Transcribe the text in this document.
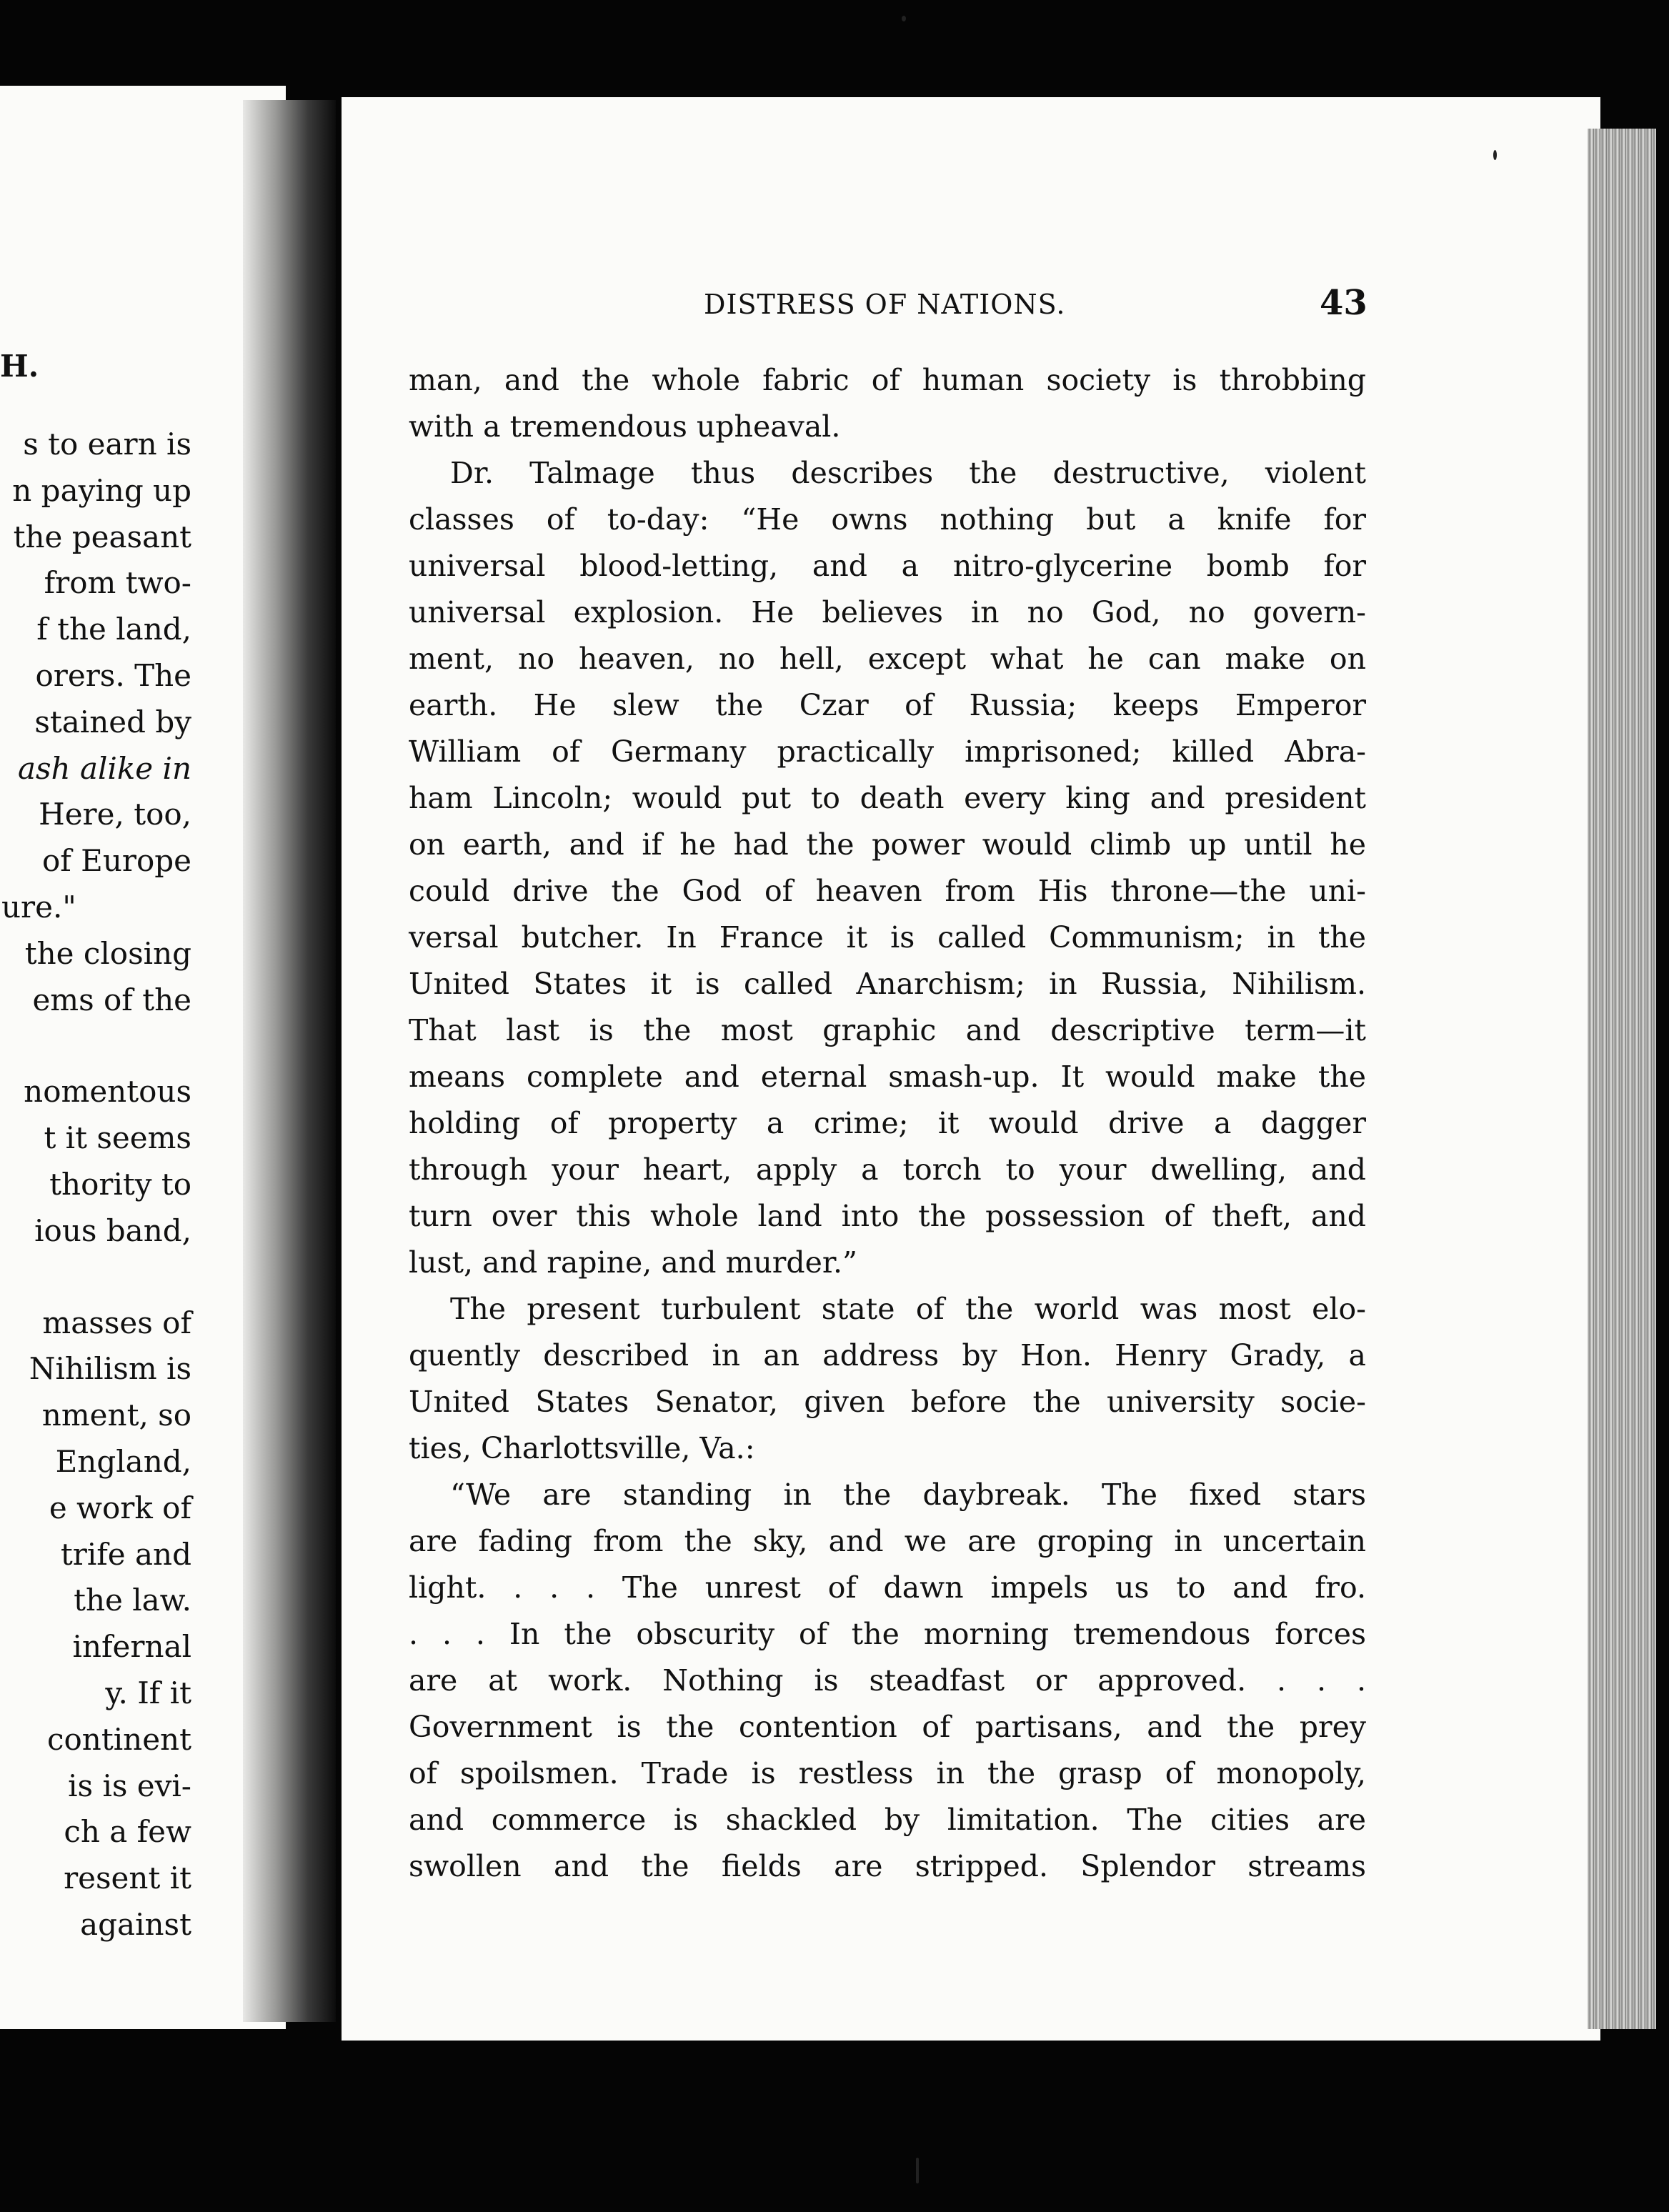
H.
s to earn is
n paying up
the peasant
from two-
f the land,
orers. The
stained by
ash alike in
Here, too,
of Europe
ure."
the closing
ems of the
nomentous
t it seems
thority to
ious band,
masses of
Nihilism is
nment, so
England,
e work of
trife and
the law.
infernal
y. If it
continent
is is evi-
ch a few
resent it
against
DISTRESS OF NATIONS.	43
man, and the whole fabric of human society is throbbing
with a tremendous upheaval.
Dr. Talmage thus describes the destructive, violent
classes of to-day: “He owns nothing but a knife for
universal blood-letting, and a nitro-glycerine bomb for
universal explosion. He believes in no God, no govern-
ment, no heaven, no hell, except what he can make on
earth. He slew the Czar of Russia; keeps Emperor
William of Germany practically imprisoned; killed Abra-
ham Lincoln; would put to death every king and president
on earth, and if he had the power would climb up until he
could drive the God of heaven from His throne—the uni-
versal butcher. In France it is called Communism; in the
United States it is called Anarchism; in Russia, Nihilism.
That last is the most graphic and descriptive term—it
means complete and eternal smash-up. It would make the
holding of property a crime; it would drive a dagger
through your heart, apply a torch to your dwelling, and
turn over this whole land into the possession of theft, and
lust, and rapine, and murder.”
The present turbulent state of the world was most elo-
quently described in an address by Hon. Henry Grady, a
United States Senator, given before the university socie-
ties, Charlottsville, Va.:
“We are standing in the daybreak. The fixed stars
are fading from the sky, and we are groping in uncertain
light. . . . The unrest of dawn impels us to and fro.
. . . In the obscurity of the morning tremendous forces
are at work. Nothing is steadfast or approved. . . .
Government is the contention of partisans, and the prey
of spoilsmen. Trade is restless in the grasp of monopoly,
and commerce is shackled by limitation. The cities are
swollen and the fields are stripped. Splendor streams
